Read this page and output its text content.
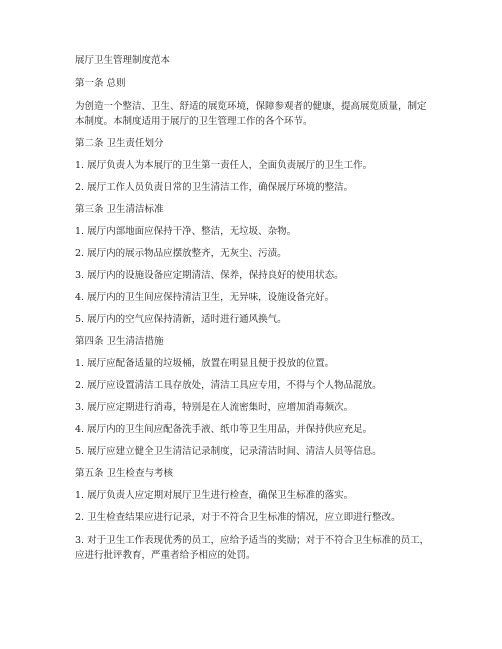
展厅卫生管理制度范本

第一条 总则

为创造一个整洁、卫生、舒适的展览环境，保障参观者的健康，提高展览质量，制定本制度。本制度适用于展厅的卫生管理工作的各个环节。

第二条 卫生责任划分

1. 展厅负责人为本展厅的卫生第一责任人，全面负责展厅的卫生工作。

2. 展厅工作人员负责日常的卫生清洁工作，确保展厅环境的整洁。

第三条 卫生清洁标准

1. 展厅内部地面应保持干净、整洁，无垃圾、杂物。

2. 展厅内的展示物品应摆放整齐，无灰尘、污渍。

3. 展厅内的设施设备应定期清洁、保养，保持良好的使用状态。

4. 展厅内的卫生间应保持清洁卫生，无异味，设施设备完好。

5. 展厅内的空气应保持清新，适时进行通风换气。

第四条 卫生清洁措施

1. 展厅应配备适量的垃圾桶，放置在明显且便于投放的位置。

2. 展厅应设置清洁工具存放处，清洁工具应专用，不得与个人物品混放。

3. 展厅应定期进行消毒，特别是在人流密集时，应增加消毒频次。

4. 展厅内的卫生间应配备洗手液、纸巾等卫生用品，并保持供应充足。

5. 展厅应建立健全卫生清洁记录制度，记录清洁时间、清洁人员等信息。

第五条 卫生检查与考核

1. 展厅负责人应定期对展厅卫生进行检查，确保卫生标准的落实。

2. 卫生检查结果应进行记录，对于不符合卫生标准的情况，应立即进行整改。

3. 对于卫生工作表现优秀的员工，应给予适当的奖励；对于不符合卫生标准的员工，应进行批评教育，严重者给予相应的处罚。
